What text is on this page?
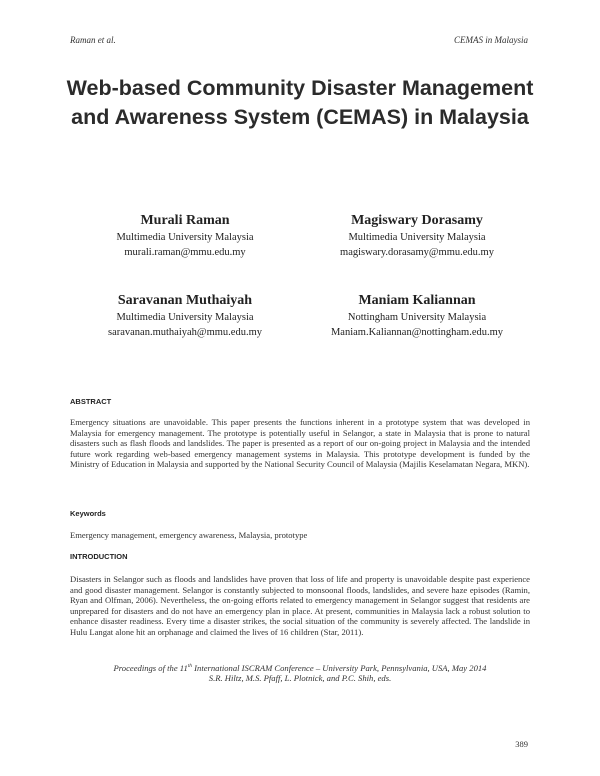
Raman et al.	CEMAS in Malaysia
Web-based Community Disaster Management and Awareness System (CEMAS) in Malaysia
Murali Raman
Multimedia University Malaysia
murali.raman@mmu.edu.my
Magiswary Dorasamy
Multimedia University Malaysia
magiswary.dorasamy@mmu.edu.my
Saravanan Muthaiyah
Multimedia University Malaysia
saravanan.muthaiyah@mmu.edu.my
Maniam Kaliannan
Nottingham University Malaysia
Maniam.Kaliannan@nottingham.edu.my
ABSTRACT
Emergency situations are unavoidable. This paper presents the functions inherent in a prototype system that was developed in Malaysia for emergency management. The prototype is potentially useful in Selangor, a state in Malaysia that is prone to natural disasters such as flash floods and landslides. The paper is presented as a report of our on-going project in Malaysia and the intended future work regarding web-based emergency management systems in Malaysia. This prototype development is funded by the Ministry of Education in Malaysia and supported by the National Security Council of Malaysia (Majilis Keselamatan Negara, MKN).
Keywords
Emergency management, emergency awareness, Malaysia, prototype
INTRODUCTION
Disasters in Selangor such as floods and landslides have proven that loss of life and property is unavoidable despite past experience and good disaster management. Selangor is constantly subjected to monsoonal floods, landslides, and severe haze episodes (Ramin, Ryan and Olfman, 2006). Nevertheless, the on-going efforts related to emergency management in Selangor suggest that residents are unprepared for disasters and do not have an emergency plan in place. At present, communities in Malaysia lack a robust solution to enhance disaster readiness. Every time a disaster strikes, the social situation of the community is severely affected. The landslide in Hulu Langat alone hit an orphanage and claimed the lives of 16 children (Star, 2011).
Proceedings of the 11th International ISCRAM Conference – University Park, Pennsylvania, USA, May 2014
S.R. Hiltz, M.S. Pfaff, L. Plotnick, and P.C. Shih, eds.
389
